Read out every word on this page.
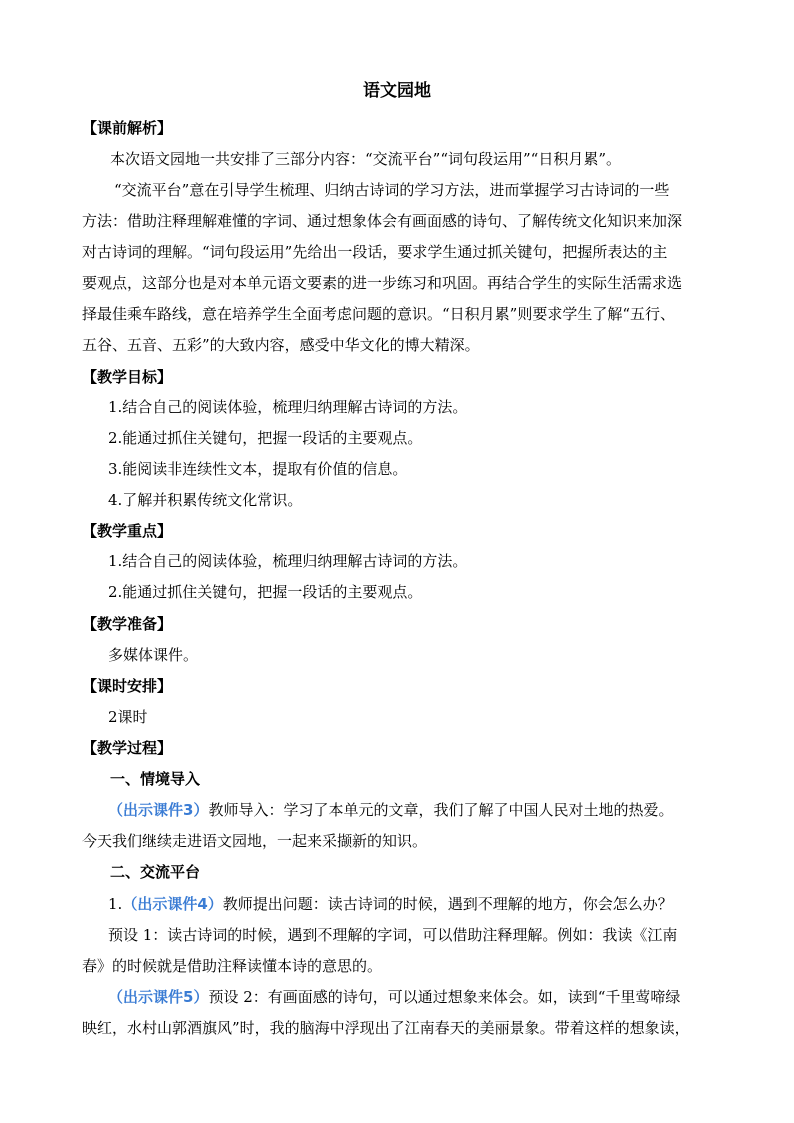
语文园地
【课前解析】
本次语文园地一共安排了三部分内容：“交流平台”“词句段运用”“日积月累”。
“交流平台”意在引导学生梳理、归纳古诗词的学习方法，进而掌握学习古诗词的一些
方法：借助注释理解难懂的字词、通过想象体会有画面感的诗句、了解传统文化知识来加深
对古诗词的理解。“词句段运用”先给出一段话，要求学生通过抓关键句，把握所表达的主
要观点，这部分也是对本单元语文要素的进一步练习和巩固。再结合学生的实际生活需求选
择最佳乘车路线，意在培养学生全面考虑问题的意识。“日积月累”则要求学生了解“五行、
五谷、五音、五彩”的大致内容，感受中华文化的博大精深。
【教学目标】
1.结合自己的阅读体验，梳理归纳理解古诗词的方法。
2.能通过抓住关键句，把握一段话的主要观点。
3.能阅读非连续性文本，提取有价值的信息。
4.了解并积累传统文化常识。
【教学重点】
1.结合自己的阅读体验，梳理归纳理解古诗词的方法。
2.能通过抓住关键句，把握一段话的主要观点。
【教学准备】
多媒体课件。
【课时安排】
2课时
【教学过程】
一、情境导入
（出示课件3）教师导入：学习了本单元的文章，我们了解了中国人民对土地的热爱。
今天我们继续走进语文园地，一起来采撷新的知识。
二、交流平台
1.（出示课件4）教师提出问题：读古诗词的时候，遇到不理解的地方，你会怎么办？
预设 1：读古诗词的时候，遇到不理解的字词，可以借助注释理解。例如：我读《江南
春》的时候就是借助注释读懂本诗的意思的。
（出示课件5）预设 2：有画面感的诗句，可以通过想象来体会。如，读到“千里莺啼绿
映红，水村山郭酒旗风”时，我的脑海中浮现出了江南春天的美丽景象。带着这样的想象读，
